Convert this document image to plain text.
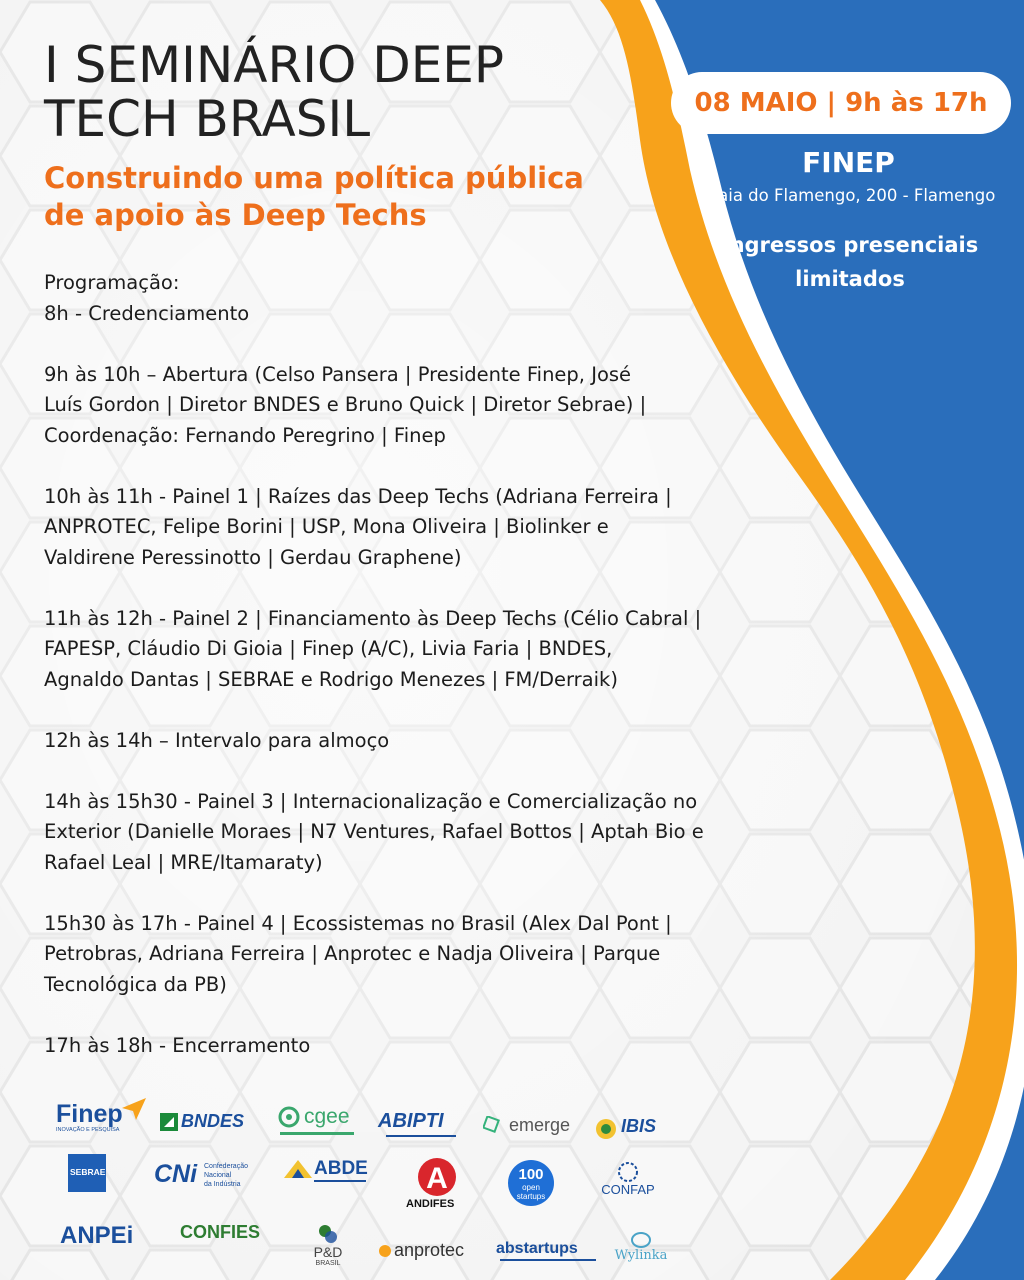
I SEMINÁRIO DEEP
TECH BRASIL
Construindo uma política pública
de apoio às Deep Techs
08 MAIO | 9h às 17h
FINEP
Praia do Flamengo, 200 - Flamengo
Ingressos presenciais
limitados
Programação:
8h - Credenciamento
9h às 10h – Abertura (Celso Pansera | Presidente Finep, José
Luís Gordon | Diretor BNDES e Bruno Quick | Diretor Sebrae) |
Coordenação: Fernando Peregrino | Finep
10h às 11h - Painel 1 | Raízes das Deep Techs (Adriana Ferreira |
ANPROTEC, Felipe Borini | USP, Mona Oliveira | Biolinker e
Valdirene Peressinotto | Gerdau Graphene)
11h às 12h - Painel 2 | Financiamento às Deep Techs (Célio Cabral |
FAPESP, Cláudio Di Gioia | Finep (A/C), Livia Faria | BNDES,
Agnaldo Dantas | SEBRAE e Rodrigo Menezes | FM/Derraik)
12h às 14h – Intervalo para almoço
14h às 15h30 - Painel 3 | Internacionalização e Comercialização no
Exterior (Danielle Moraes | N7 Ventures, Rafael Bottos | Aptah Bio e
Rafael Leal | MRE/Itamaraty)
15h30 às 17h - Painel 4 | Ecossistemas no Brasil (Alex Dal Pont |
Petrobras, Adriana Ferreira | Anprotec e Nadja Oliveira | Parque
Tecnológica da PB)
17h às 18h - Encerramento
Finep
INOVAÇÃO E PESQUISA	BNDES	cgee ABIPTI	emerge	IBIS
SEBRAE CNi Confederação
Nacional
da Indústria
ABDE A
ANDIFES
100
open startups	CONFAP
ANPEi	CONFIES
P&D
BRASIL
anprotec abstartups	Wylinka
